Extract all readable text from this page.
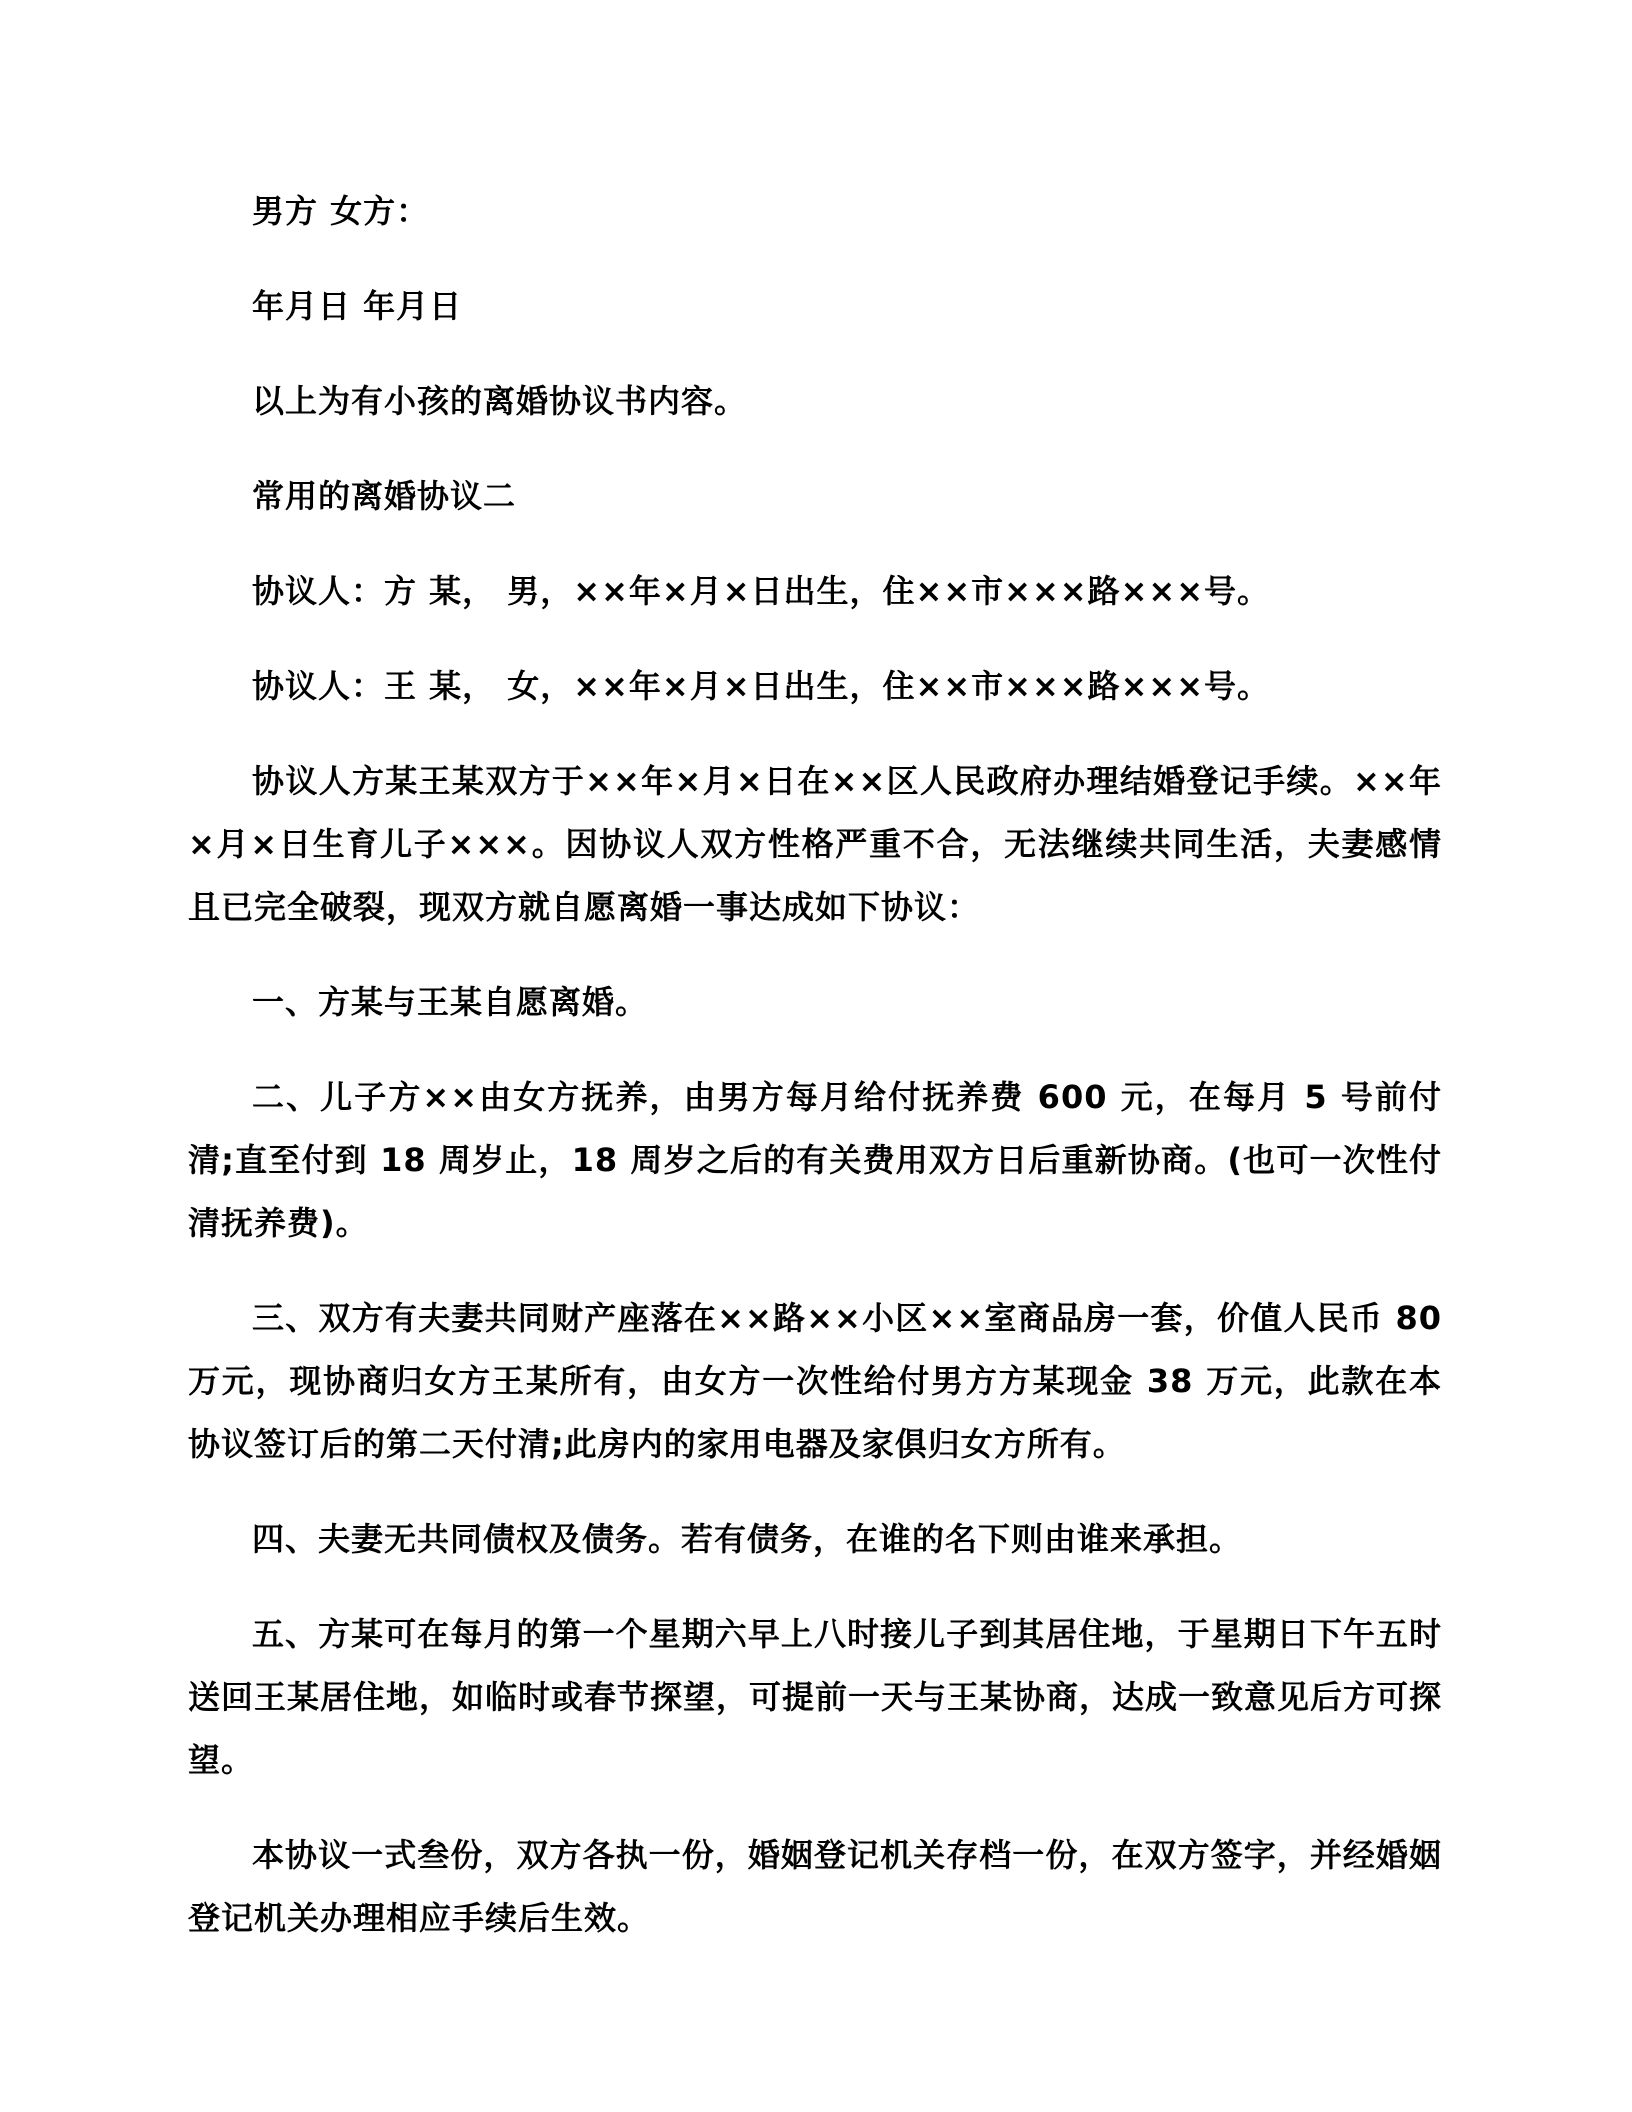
男方 女方：

年月日 年月日

以上为有小孩的离婚协议书内容。

常用的离婚协议二

协议人：方 某， 男，××年×月×日出生，住××市×××路×××号。

协议人：王 某， 女，××年×月×日出生，住××市×××路×××号。

协议人方某王某双方于××年×月×日在××区人民政府办理结婚登记手续。××年×月×日生育儿子×××。因协议人双方性格严重不合，无法继续共同生活，夫妻感情且已完全破裂，现双方就自愿离婚一事达成如下协议：

一、方某与王某自愿离婚。

二、儿子方××由女方抚养，由男方每月给付抚养费 600 元，在每月 5 号前付清;直至付到 18 周岁止，18 周岁之后的有关费用双方日后重新协商。(也可一次性付清抚养费)。

三、双方有夫妻共同财产座落在××路××小区××室商品房一套，价值人民币 80 万元，现协商归女方王某所有，由女方一次性给付男方方某现金 38 万元，此款在本协议签订后的第二天付清;此房内的家用电器及家俱归女方所有。

四、夫妻无共同债权及债务。若有债务，在谁的名下则由谁来承担。

五、方某可在每月的第一个星期六早上八时接儿子到其居住地，于星期日下午五时送回王某居住地，如临时或春节探望，可提前一天与王某协商，达成一致意见后方可探望。

本协议一式叁份，双方各执一份，婚姻登记机关存档一份，在双方签字，并经婚姻登记机关办理相应手续后生效。
